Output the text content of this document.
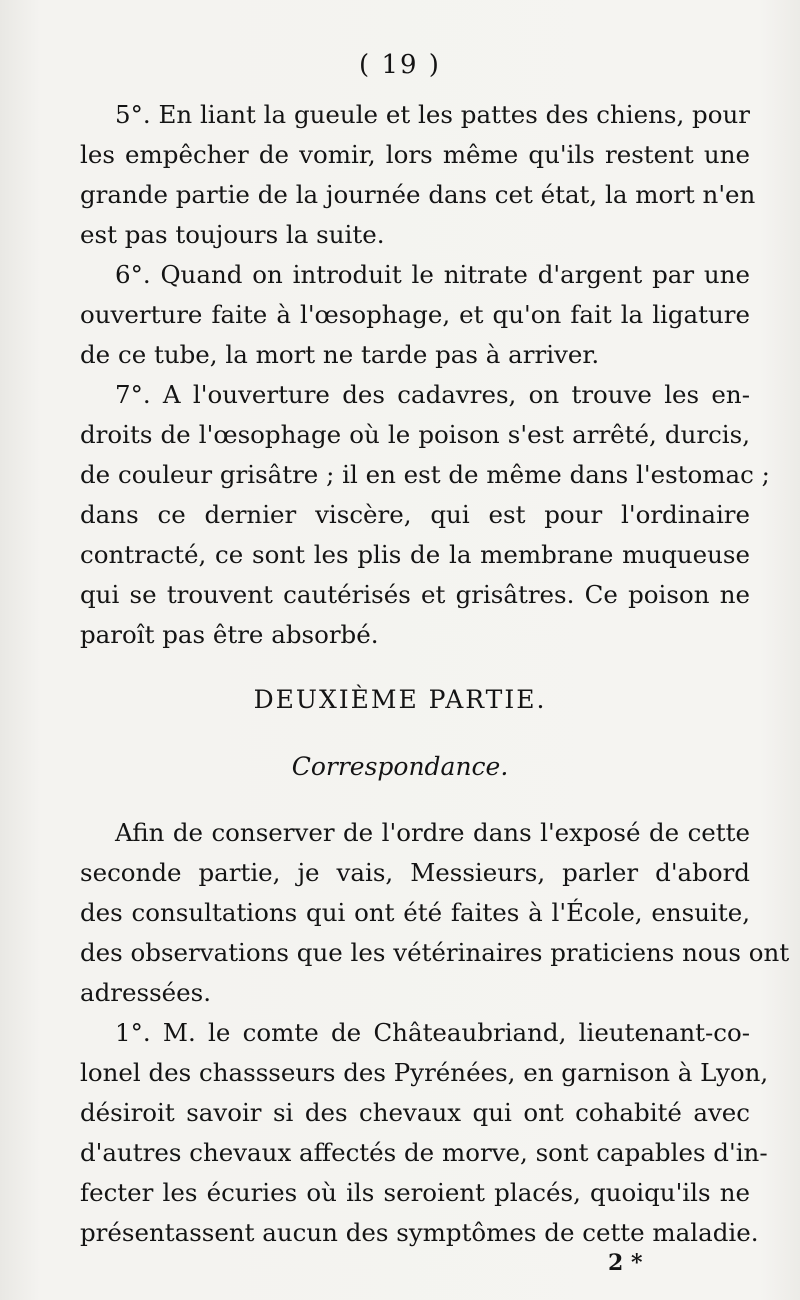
( 19 )
5°. En liant la gueule et les pattes des chiens, pour
les empêcher de vomir, lors même qu'ils restent une
grande partie de la journée dans cet état, la mort n'en
est pas toujours la suite.
6°. Quand on introduit le nitrate d'argent par une
ouverture faite à l'œsophage, et qu'on fait la ligature
de ce tube, la mort ne tarde pas à arriver.
7°. A l'ouverture des cadavres, on trouve les en-
droits de l'œsophage où le poison s'est arrêté, durcis,
de couleur grisâtre ; il en est de même dans l'estomac ;
dans ce dernier viscère, qui est pour l'ordinaire
contracté, ce sont les plis de la membrane muqueuse
qui se trouvent cautérisés et grisâtres. Ce poison ne
paroît pas être absorbé.
DEUXIÈME PARTIE.
Correspondance.
Afin de conserver de l'ordre dans l'exposé de cette
seconde partie, je vais, Messieurs, parler d'abord
des consultations qui ont été faites à l'École, ensuite,
des observations que les vétérinaires praticiens nous ont
adressées.
1°. M. le comte de Châteaubriand, lieutenant-co-
lonel des chassseurs des Pyrénées, en garnison à Lyon,
désiroit savoir si des chevaux qui ont cohabité avec
d'autres chevaux affectés de morve, sont capables d'in-
fecter les écuries où ils seroient placés, quoiqu'ils ne
présentassent aucun des symptômes de cette maladie.
2 *
